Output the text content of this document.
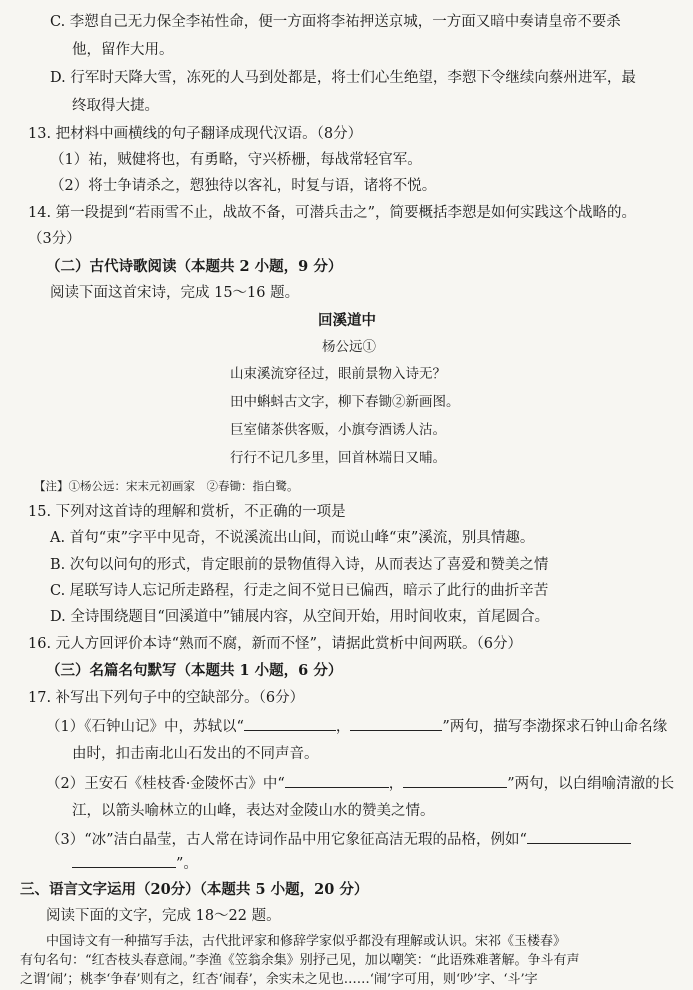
C. 李愬自己无力保全李祐性命，便一方面将李祐押送京城，一方面又暗中奏请皇帝不要杀
他，留作大用。
D. 行军时天降大雪，冻死的人马到处都是，将士们心生绝望，李愬下令继续向蔡州进军，最
终取得大捷。
13. 把材料中画横线的句子翻译成现代汉语。（8分）
（1）祐，贼健将也，有勇略，守兴桥栅，每战常轻官军。
（2）将士争请杀之，愬独待以客礼，时复与语，诸将不悦。
14. 第一段提到“若雨雪不止，战故不备，可潜兵击之”，简要概括李愬是如何实践这个战略的。
（3分）
（二）古代诗歌阅读（本题共 2 小题，9 分）
阅读下面这首宋诗，完成 15～16 题。
回溪道中
杨公远①
山束溪流穿径过，眼前景物入诗无？
田中蝌蚪古文字，柳下春锄②新画图。
巨室储茶供客贩，小旗夸酒诱人沽。
行行不记几多里，回首林端日又晡。
【注】①杨公远：宋末元初画家　②春锄：指白鹭。
15. 下列对这首诗的理解和赏析，不正确的一项是
A. 首句“束”字平中见奇，不说溪流出山间，而说山峰“束”溪流，别具情趣。
B. 次句以问句的形式，肯定眼前的景物值得入诗，从而表达了喜爱和赞美之情
C. 尾联写诗人忘记所走路程，行走之间不觉日已偏西，暗示了此行的曲折辛苦
D. 全诗围绕题目“回溪道中”铺展内容，从空间开始，用时间收束，首尾圆合。
16. 元人方回评价本诗“熟而不腐，新而不怪”，请据此赏析中间两联。（6分）
（三）名篇名句默写（本题共 1 小题，6 分）
17. 补写出下列句子中的空缺部分。（6分）
（1）《石钟山记》中，苏轼以“	，	”两句，描写李渤探求石钟山命名缘
由时，扣击南北山石发出的不同声音。
（2）王安石《桂枝香·金陵怀古》中“	，	”两句，以白绢喻清澈的长
江，以箭头喻林立的山峰，表达对金陵山水的赞美之情。
（3）“冰”洁白晶莹，古人常在诗词作品中用它象征高洁无瑕的品格，例如“
”。
三、语言文字运用（20分）（本题共 5 小题，20 分）
阅读下面的文字，完成 18～22 题。
中国诗文有一种描写手法，古代批评家和修辞学家似乎都没有理解或认识。宋祁《玉楼春》
有句名句：“红杏枝头春意闹。”李渔《笠翁余集》别抒己见，加以嘲笑：“此语殊难著解。争斗有声
之谓‘闹’；桃李‘争春’则有之，红杏‘闹春’，余实未之见也……‘闹’字可用，则‘吵’字、‘斗’字
